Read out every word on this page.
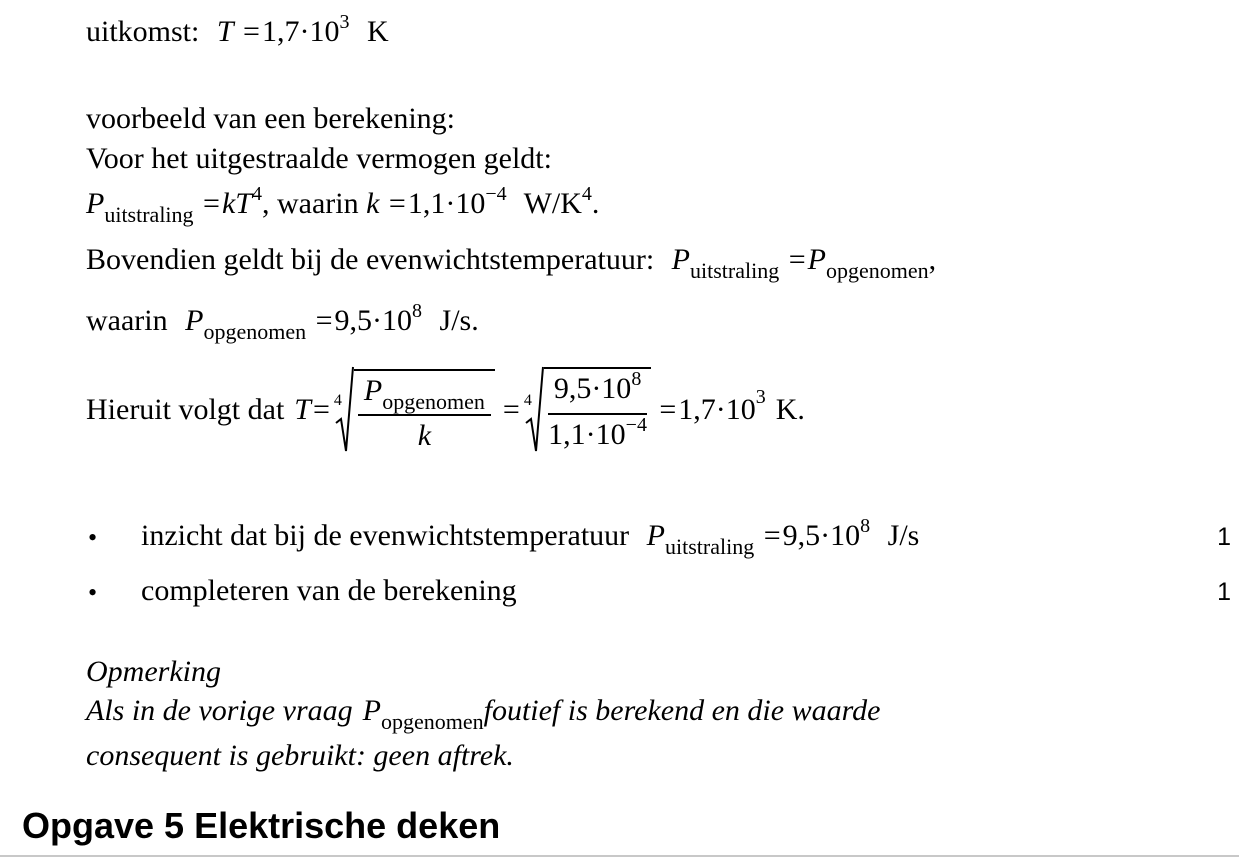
uitkomst: $T =1,7\cdot 10^3$ K
voorbeeld van een berekening:
Voor het uitgestraalde vermogen geldt:
$P_{uitstraling} =kT^4$, waarin $k =1,1\cdot 10^{-4}$ $W/K^4$.
Bovendien geldt bij de evenwichtstemperatuur: $P_{uitstraling} =P_{opgenomen}$,
waarin $P_{opgenomen} =9,5\cdot 10^8$ J/s.
Hieruit volgt dat $T = 4 \frac{P_{opgenomen}}{k} = 4 \frac{9,5\cdot 10^8}{1,1\cdot 10^{-4}} = 1,7\cdot 10$ 3 K.
• inzicht dat bij de evenwichtstemperatuur $P_{uitstraling} =9,5\cdot 10^8$ J/s	1
• completeren van de berekening	1
Opmerking
Als in de vorige vraag $P_{opgenomen}foutief$ is berekend en die waarde
consequent is gebruikt: geen aftrek.
Opgave 5 Elektrische deken
